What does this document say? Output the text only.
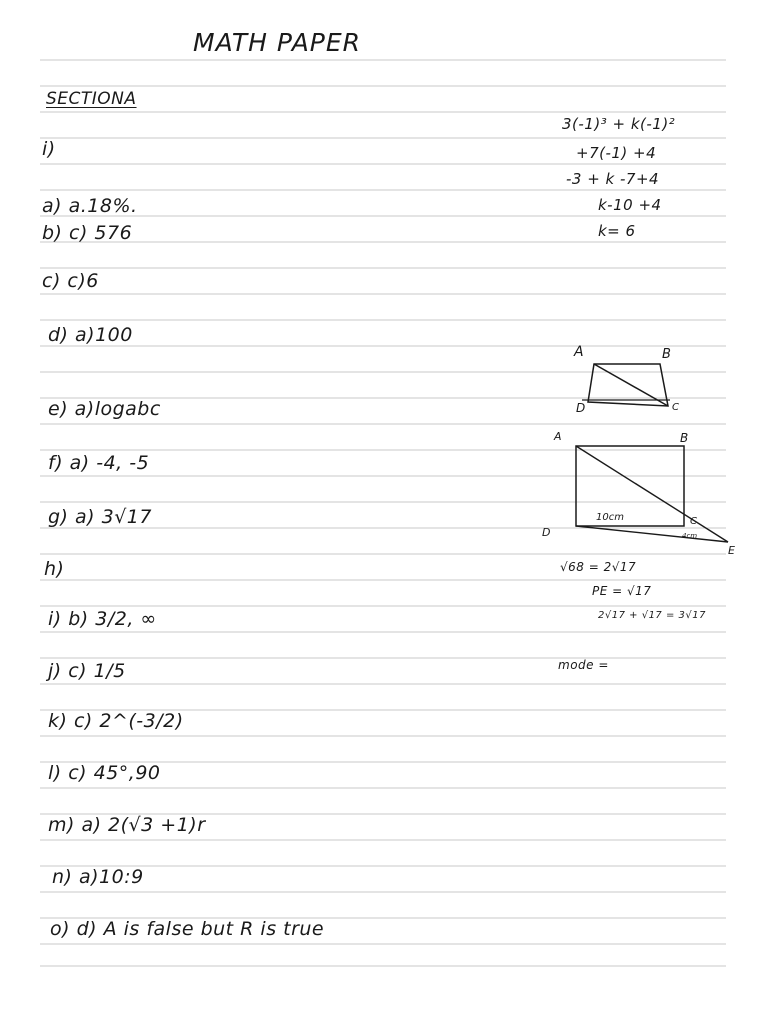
MATH PAPER
SECTIONA
i)
a) a.18%.
b) c) 576
c) c)6
d) a)100
e) a)logabc
f) a) -4, -5
g) a) 3√17
h)
i) b) 3/2, ∞
j) c) 1/5
k) c) 2^(-3/2)
l) c) 45°,90
m) a) 2(√3 +1)r
n) a)10:9
o) d) A is false but R is true
3(-1)³ + k(-1)²
+7(-1) +4
-3 + k -7+4
k-10 +4
k= 6
A	B
D	C
A	B
C
D
E
10cm
4cm
√68 = 2√17
PE = √17
2√17 + √17 = 3√17
mode =
